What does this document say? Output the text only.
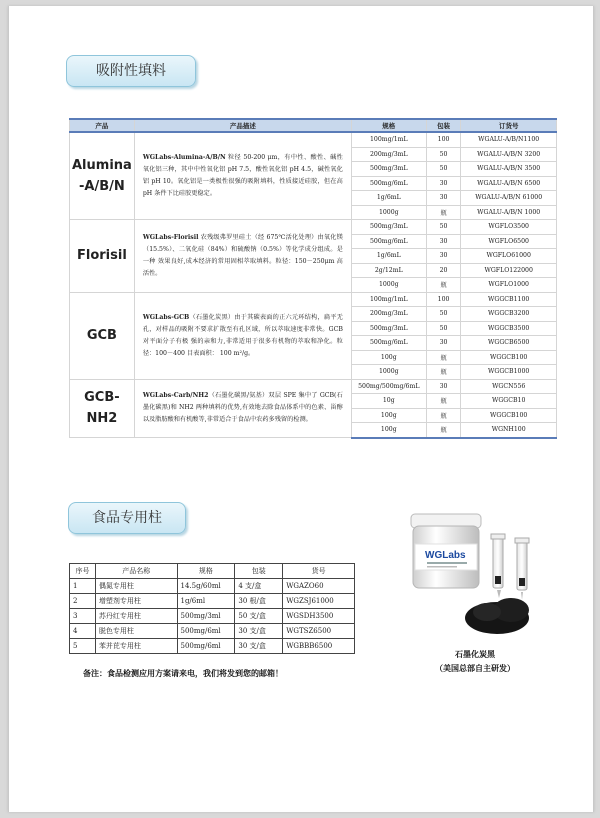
吸附性填料
产品	产品描述	规格	包装	订货号
Alumina -A/B/N	WGLabs-Alumina-A/B/N 粒径 50-200 μm，有中性、酸性、碱性氧化铝三种，其中中性氧化铝 pH 7.5，酸性氧化铝 pH 4.5，碱性氧化铝 pH 10。氧化铝是一类极性很强的吸附填料，性质接近硅胶，但在高 pH 条件下比硅胶更稳定。	100mg/1mL	100	WGALU-A/B/N1100
		200mg/3mL	50	WGALU-A/B/N 3200
		500mg/3mL	50	WGALU-A/B/N 3500
		500mg/6mL	30	WGALU-A/B/N 6500
		1g/6mL	30	WGALU-A/B/N 61000
		1000g	瓶	WGALU-A/B/N 1000
Florisil	WGLabs-Florisil 农残级弗罗里硅土（经 675℃活化处理）由氧化镁（15.5%）、二氧化硅（84%）和硫酸钠（0.5%）等化学成分组成。是一种 效果良好,成本经济的常用固相萃取填料。粒径：150－250μm 高活性。	500mg/3mL	50	WGFLO3500
		500mg/6mL	30	WGFLO6500
		1g/6mL	30	WGFLO61000
		2g/12mL	20	WGFLO122000
		1000g	瓶	WGFLO1000
GCB	WGLabs-GCB（石墨化炭黑）由于其碳表面的正六元环结构，扁平无孔，对样品的吸附不要求扩散至有孔区域，所以萃取速度非常快。GCB 对平面分子有极 强的亲和力,非常适用于很多有机物的萃取和净化。粒径：100－400 目表面积： 100 m²/g。	100mg/1mL	100	WGGCB1100
		200mg/3mL	50	WGGCB3200
		500mg/3mL	50	WGGCB3500
		500mg/6mL	30	WGGCB6500
		100g	瓶	WGGCB100
		1000g	瓶	WGGCB1000
GCB-NH2	WGLabs-Carb/NH2（石墨化碳黑/氨基）双层 SPE 集中了 GCB(石墨化碳黑)和 NH2 两种填料的优势,有效地去除食品体系中的色素、甾醇以及脂肪酸和有机酸等,非常适合于食品中农药多残留的检测。	500mg/500mg/6mL	30	WGCN556
		10g	瓶	WGGCB10
		100g	瓶	WGGCB100
		100g	瓶	WGNH100
食品专用柱
序号	产品名称	规格	包装	货号
1	偶氮专用柱	14.5g/60ml	4 支/盒	WGAZO60
2	增塑剂专用柱	1g/6ml	30 根/盒	WGZSJ61000
3	苏丹红专用柱	500mg/3ml	50 支/盒	WGSDH3500
4	脱色专用柱	500mg/6ml	30 支/盒	WGTSZ6500
5	苯并芘专用柱	500mg/6ml	30 支/盒	WGBBB6500
备注：食品检测应用方案请来电，我们将发到您的邮箱！
WGLabs
石墨化炭黑
（美国总部自主研发）
